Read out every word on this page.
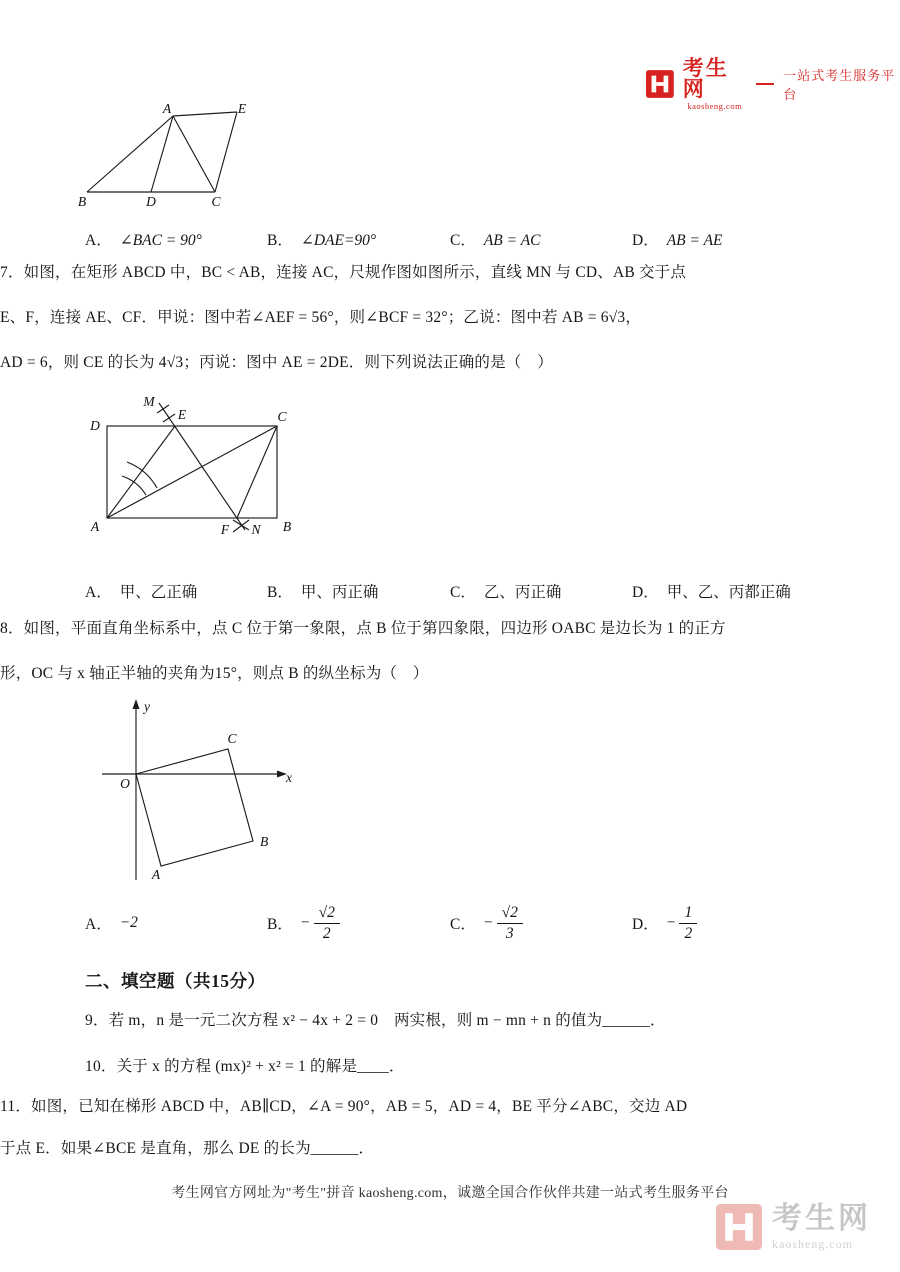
考生网
kaosheng.com
一站式考生服务平台
A	E
B	D	C
A． ∠BAC = 90°	B． ∠DAE=90°	C． AB = AC	D． AB = AE
7．如图，在矩形 ABCD 中，BC < AB，连接 AC，尺规作图如图所示，直线 MN 与 CD、AB 交于点
E、F，连接 AE、CF．甲说：图中若∠AEF = 56°，则∠BCF = 32°；乙说：图中若 AB = 6√3，
AD = 6，则 CE 的长为 4√3；丙说：图中 AE = 2DE．则下列说法正确的是（　）
M
E	C
D
A	F N B
A． 甲、乙正确	B． 甲、丙正确	C． 乙、丙正确	D． 甲、乙、丙都正确
8．如图，平面直角坐标系中，点 C 位于第一象限，点 B 位于第四象限，四边形 OABC 是边长为 1 的正方
形，OC 与 x 轴正半轴的夹角为15°，则点 B 的纵坐标为（　）
y
x
O
C
B
A
A． −2	B． − $\frac{√2}{2}$	C． − $\frac{√2}{3}$	D． − $\frac{1}{2}$
二、填空题（共15分）
9．若 m，n 是一元二次方程 x² − 4x + 2 = 0　两实根，则 m − mn + n 的值为______．
10．关于 x 的方程 (mx)² + x² = 1 的解是____．
11．如图，已知在梯形 ABCD 中，AB∥CD，∠A = 90°，AB = 5，AD = 4，BE 平分∠ABC，交边 AD
于点 E．如果∠BCE 是直角，那么 DE 的长为______．
考生网官方网址为"考生"拼音 kaosheng.com，诚邀全国合作伙伴共建一站式考生服务平台
考生网
kaosheng.com
